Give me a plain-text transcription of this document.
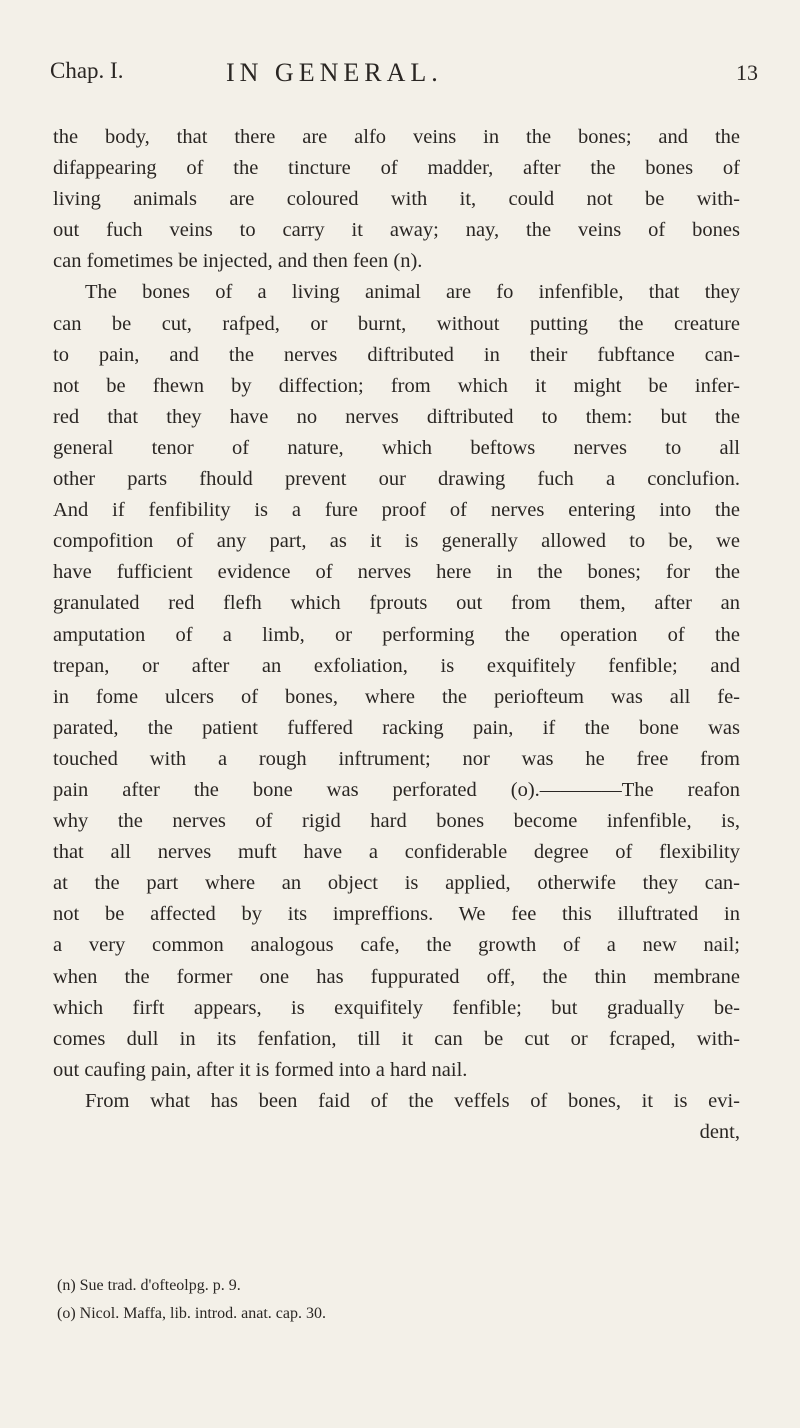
Chap. I.	IN GENERAL.	13
the body, that there are alfo veins in the bones; and the
difappearing of the tincture of madder, after the bones of
living animals are coloured with it, could not be with-
out fuch veins to carry it away; nay, the veins of bones
can fometimes be injected, and then feen (n).
The bones of a living animal are fo infenfible, that they
can be cut, rafped, or burnt, without putting the creature
to pain, and the nerves diftributed in their fubftance can-
not be fhewn by diffection; from which it might be infer-
red that they have no nerves diftributed to them: but the
general tenor of nature, which beftows nerves to all
other parts fhould prevent our drawing fuch a conclufion.
And if fenfibility is a fure proof of nerves entering into the
compofition of any part, as it is generally allowed to be, we
have fufficient evidence of nerves here in the bones; for the
granulated red flefh which fprouts out from them, after an
amputation of a limb, or performing the operation of the
trepan, or after an exfoliation, is exquifitely fenfible; and
in fome ulcers of bones, where the periofteum was all fe-
parated, the patient fuffered racking pain, if the bone was
touched with a rough inftrument; nor was he free from
pain after the bone was perforated (o).————The reafon
why the nerves of rigid hard bones become infenfible, is,
that all nerves muft have a confiderable degree of flexibility
at the part where an object is applied, otherwife they can-
not be affected by its impreffions. We fee this illuftrated in
a very common analogous cafe, the growth of a new nail;
when the former one has fuppurated off, the thin membrane
which firft appears, is exquifitely fenfible; but gradually be-
comes dull in its fenfation, till it can be cut or fcraped, with-
out caufing pain, after it is formed into a hard nail.
From what has been faid of the veffels of bones, it is evi-
dent,
(n) Sue trad. d'ofteolpg. p. 9.
(o) Nicol. Maffa, lib. introd. anat. cap. 30.
